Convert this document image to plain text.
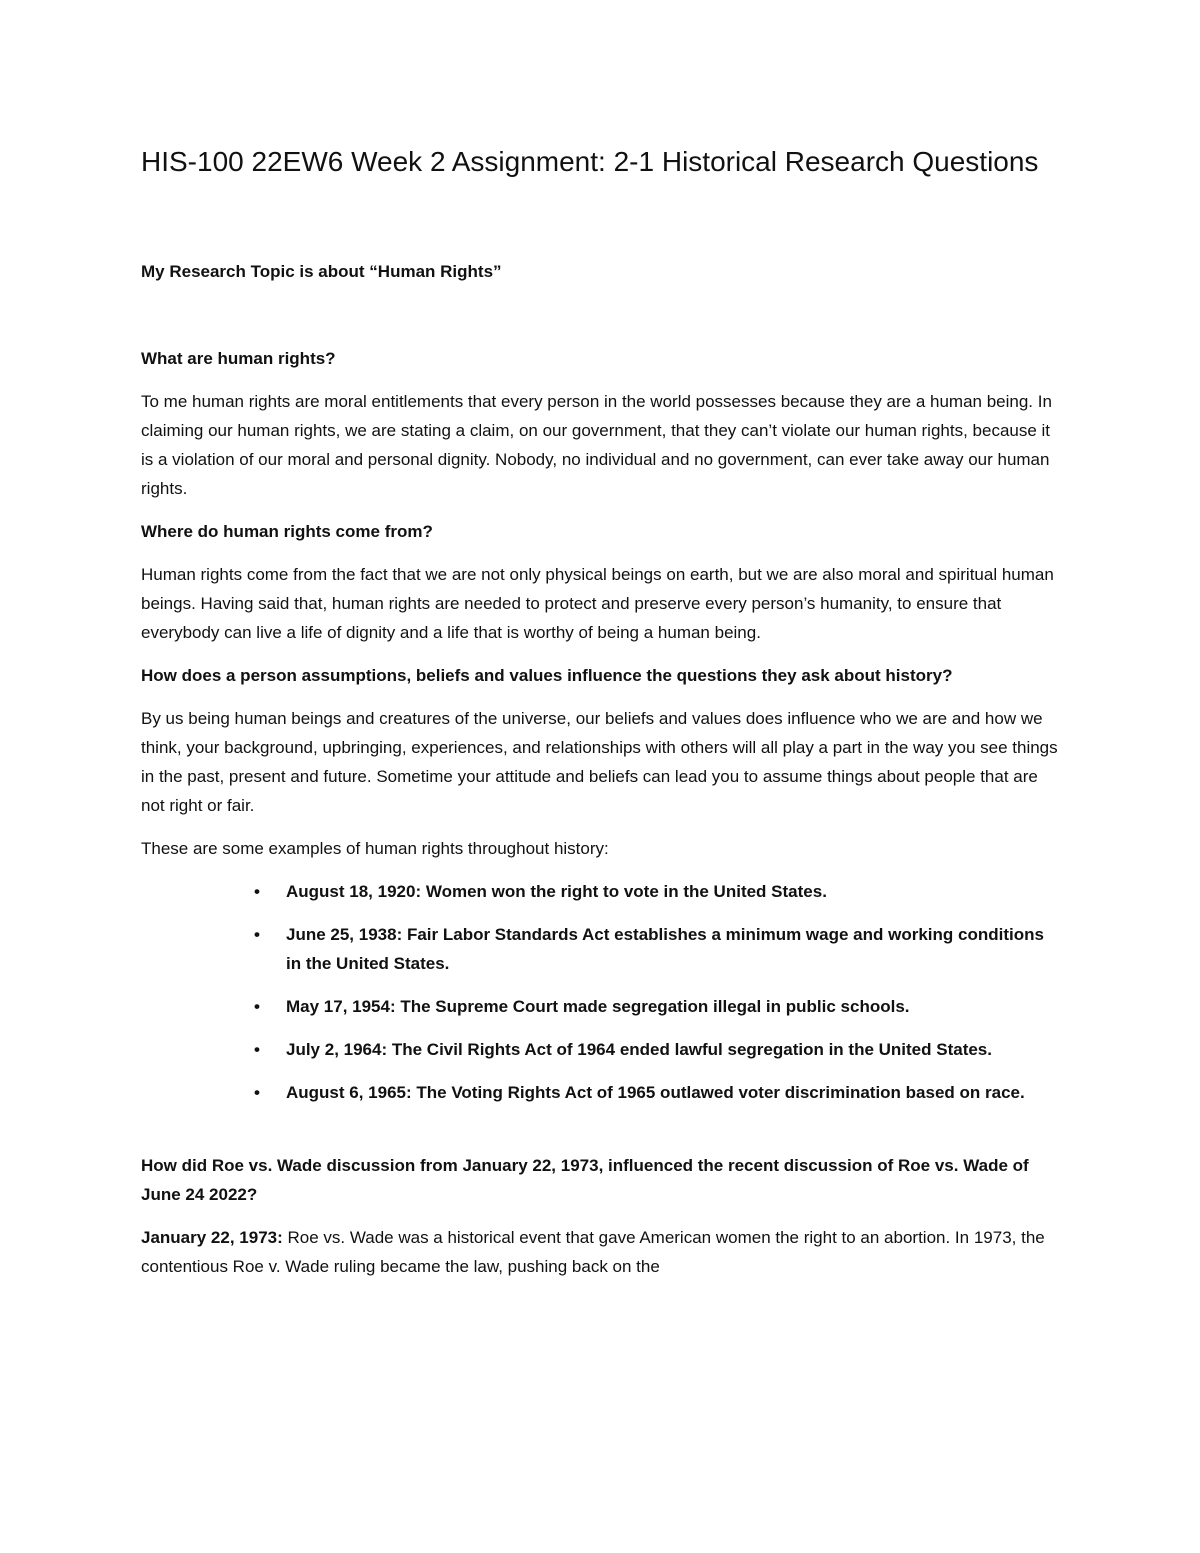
HIS-100 22EW6 Week 2 Assignment: 2-1 Historical Research Questions

My Research Topic is about “Human Rights”

What are human rights?

To me human rights are moral entitlements that every person in the world possesses because they are a human being. In claiming our human rights, we are stating a claim, on our government, that they can’t violate our human rights, because it is a violation of our moral and personal dignity. Nobody, no individual and no government, can ever take away our human rights.

Where do human rights come from?

Human rights come from the fact that we are not only physical beings on earth, but we are also moral and spiritual human beings. Having said that, human rights are needed to protect and preserve every person’s humanity, to ensure that everybody can live a life of dignity and a life that is worthy of being a human being.

How does a person assumptions, beliefs and values influence the questions they ask about history?

By us being human beings and creatures of the universe, our beliefs and values does influence who we are and how we think, your background, upbringing, experiences, and relationships with others will all play a part in the way you see things in the past, present and future. Sometime your attitude and beliefs can lead you to assume things about people that are not right or fair.

These are some examples of human rights throughout history:

• August 18, 1920: Women won the right to vote in the United States.
• June 25, 1938: Fair Labor Standards Act establishes a minimum wage and working conditions in the United States.
• May 17, 1954: The Supreme Court made segregation illegal in public schools.
• July 2, 1964: The Civil Rights Act of 1964 ended lawful segregation in the United States.
• August 6, 1965: The Voting Rights Act of 1965 outlawed voter discrimination based on race.
How did Roe vs. Wade discussion from January 22, 1973, influenced the recent discussion of Roe vs. Wade of June 24 2022?

January 22, 1973: Roe vs. Wade was a historical event that gave American women the right to an abortion. In 1973, the contentious Roe v. Wade ruling became the law, pushing back on the
